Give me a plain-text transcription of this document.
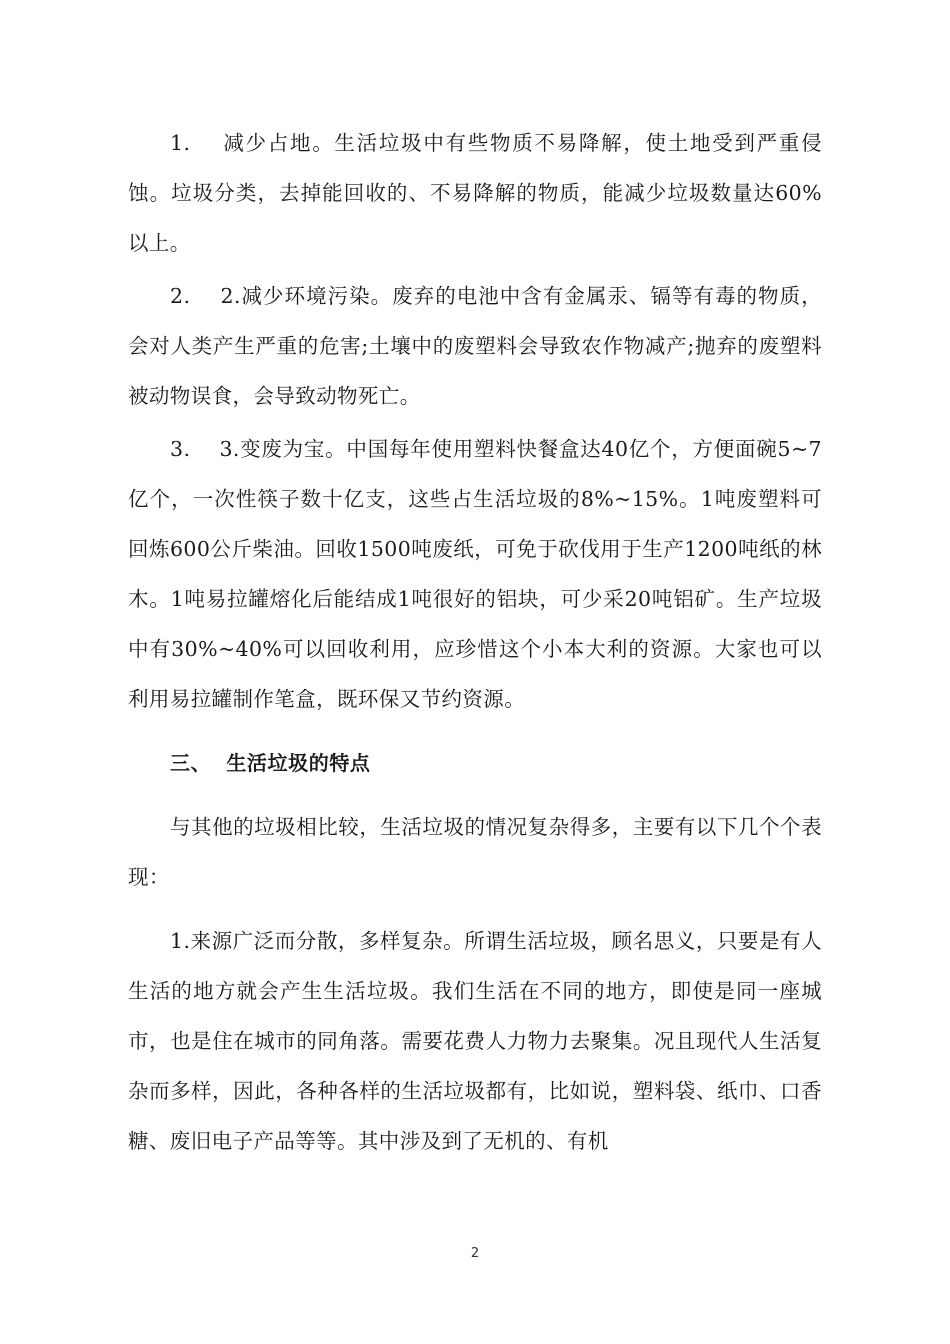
1.    减少占地。生活垃圾中有些物质不易降解，使土地受到严重侵蚀。垃圾分类，去掉能回收的、不易降解的物质，能减少垃圾数量达60%以上。

2.    2.减少环境污染。废弃的电池中含有金属汞、镉等有毒的物质，会对人类产生严重的危害;土壤中的废塑料会导致农作物减产;抛弃的废塑料被动物误食，会导致动物死亡。

3.    3.变废为宝。中国每年使用塑料快餐盒达40亿个，方便面碗5~7亿个，一次性筷子数十亿支，这些占生活垃圾的8%~15%。1吨废塑料可回炼600公斤柴油。回收1500吨废纸，可免于砍伐用于生产1200吨纸的林木。1吨易拉罐熔化后能结成1吨很好的铝块，可少采20吨铝矿。生产垃圾中有30%~40%可以回收利用，应珍惜这个小本大利的资源。大家也可以利用易拉罐制作笔盒，既环保又节约资源。

三、  生活垃圾的特点

与其他的垃圾相比较，生活垃圾的情况复杂得多，主要有以下几个个表现：

1.来源广泛而分散，多样复杂。所谓生活垃圾，顾名思义，只要是有人生活的地方就会产生生活垃圾。我们生活在不同的地方，即使是同一座城市，也是住在城市的同角落。需要花费人力物力去聚集。况且现代人生活复杂而多样，因此，各种各样的生活垃圾都有，比如说，塑料袋、纸巾、口香糖、废旧电子产品等等。其中涉及到了无机的、有机

2
